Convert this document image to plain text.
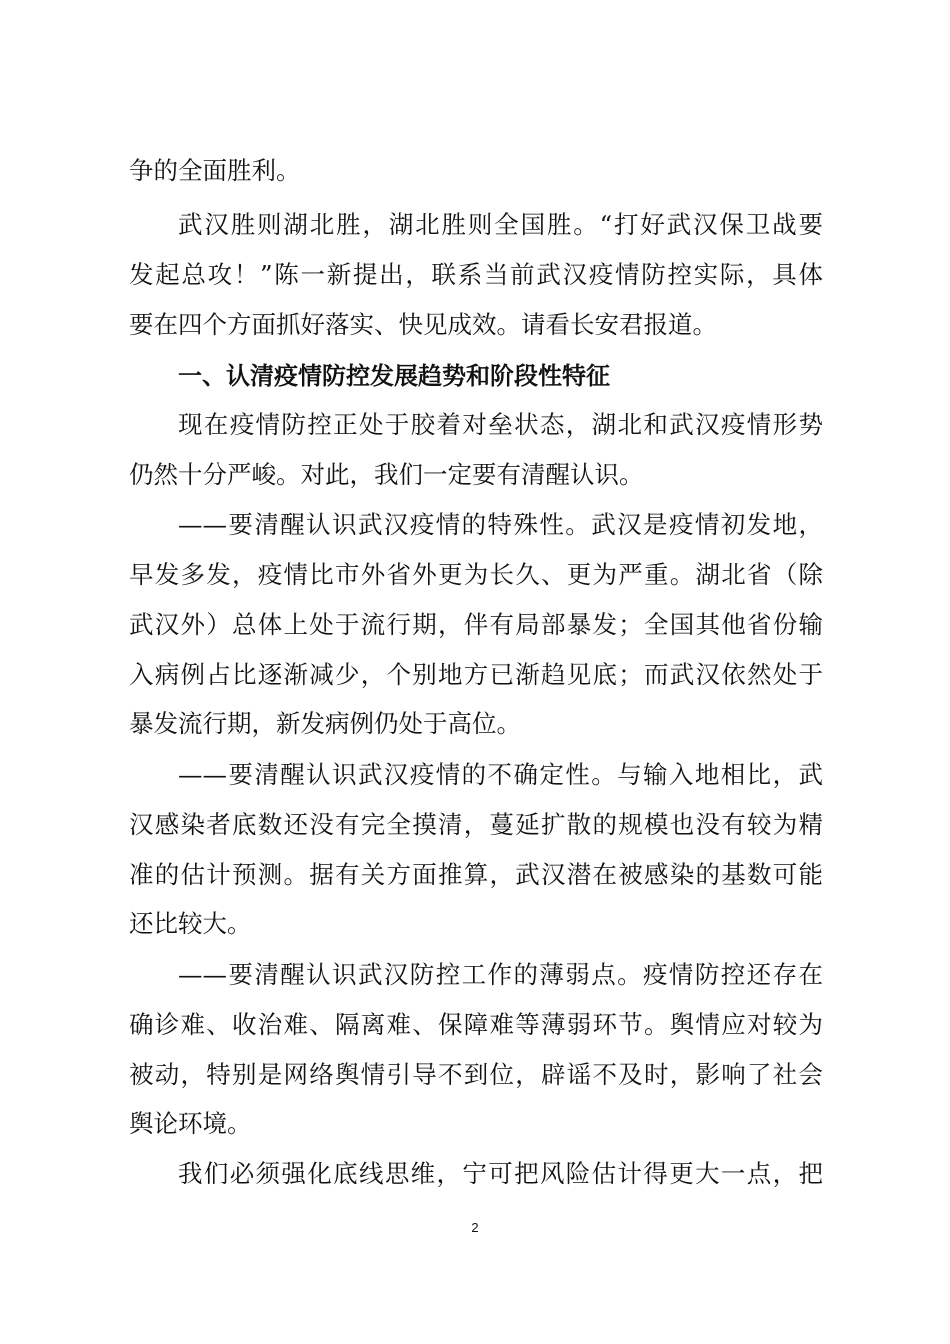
争的全面胜利。
武汉胜则湖北胜，湖北胜则全国胜。“打好武汉保卫战要
发起总攻！”陈一新提出，联系当前武汉疫情防控实际，具体
要在四个方面抓好落实、快见成效。请看长安君报道。
一、认清疫情防控发展趋势和阶段性特征
现在疫情防控正处于胶着对垒状态，湖北和武汉疫情形势
仍然十分严峻。对此，我们一定要有清醒认识。
——要清醒认识武汉疫情的特殊性。武汉是疫情初发地，
早发多发，疫情比市外省外更为长久、更为严重。湖北省（除
武汉外）总体上处于流行期，伴有局部暴发；全国其他省份输
入病例占比逐渐减少，个别地方已渐趋见底；而武汉依然处于
暴发流行期，新发病例仍处于高位。
——要清醒认识武汉疫情的不确定性。与输入地相比，武
汉感染者底数还没有完全摸清，蔓延扩散的规模也没有较为精
准的估计预测。据有关方面推算，武汉潜在被感染的基数可能
还比较大。
——要清醒认识武汉防控工作的薄弱点。疫情防控还存在
确诊难、收治难、隔离难、保障难等薄弱环节。舆情应对较为
被动，特别是网络舆情引导不到位，辟谣不及时，影响了社会
舆论环境。
我们必须强化底线思维，宁可把风险估计得更大一点，把
2
